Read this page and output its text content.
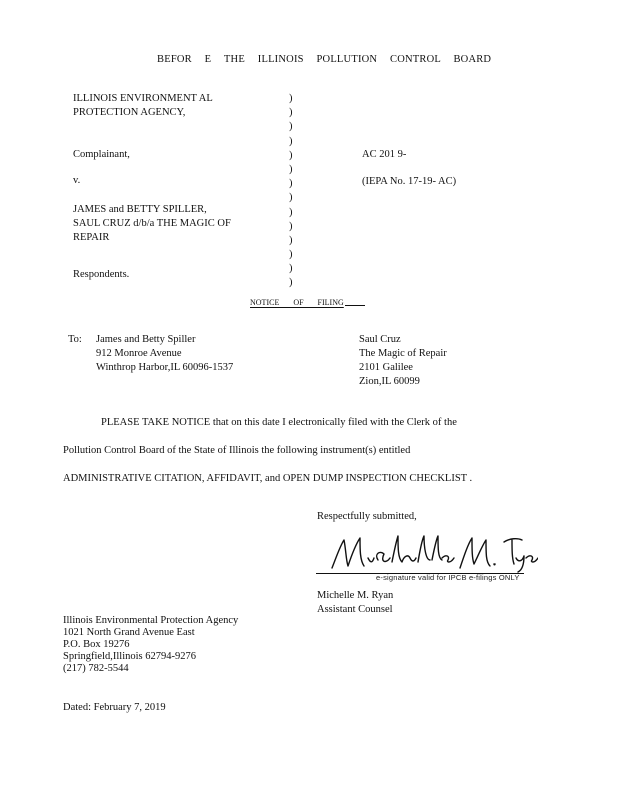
BEFOR E THE ILLINOIS POLLUTION CONTROL BOARD
ILLINOIS ENVIRONMENT AL
PROTECTION AGENCY,
Complainant,
v.
JAMES and BETTY SPILLER,
SAUL CRUZ d/b/a THE MAGIC OF
REPAIR
Respondents.
)
)
)
)
)
)
)
)
)
)
)
)
)
)
AC 201 9-
(IEPA No. 17-19- AC)
NOTICE OF FILING
To: James and Betty Spiller
912 Monroe Avenue
Winthrop Harbor,IL 60096-1537
Saul Cruz
The Magic of Repair
2101 Galilee
Zion,IL 60099
PLEASE TAKE NOTICE that on this date I electronically filed with the Clerk of the
Pollution Control Board of the State of Illinois the following instrument(s) entitled
ADMINISTRATIVE CITATION, AFFIDAVIT, and OPEN DUMP INSPECTION CHECKLIST .
Respectfully submitted,
e-signature valid for IPCB e-filings ONLY
Michelle M. Ryan
Assistant Counsel
Illinois Environmental Protection Agency
1021 North Grand Avenue East
P.O. Box 19276
Springfield,Illinois 62794-9276
(217) 782-5544
Dated: February 7, 2019
